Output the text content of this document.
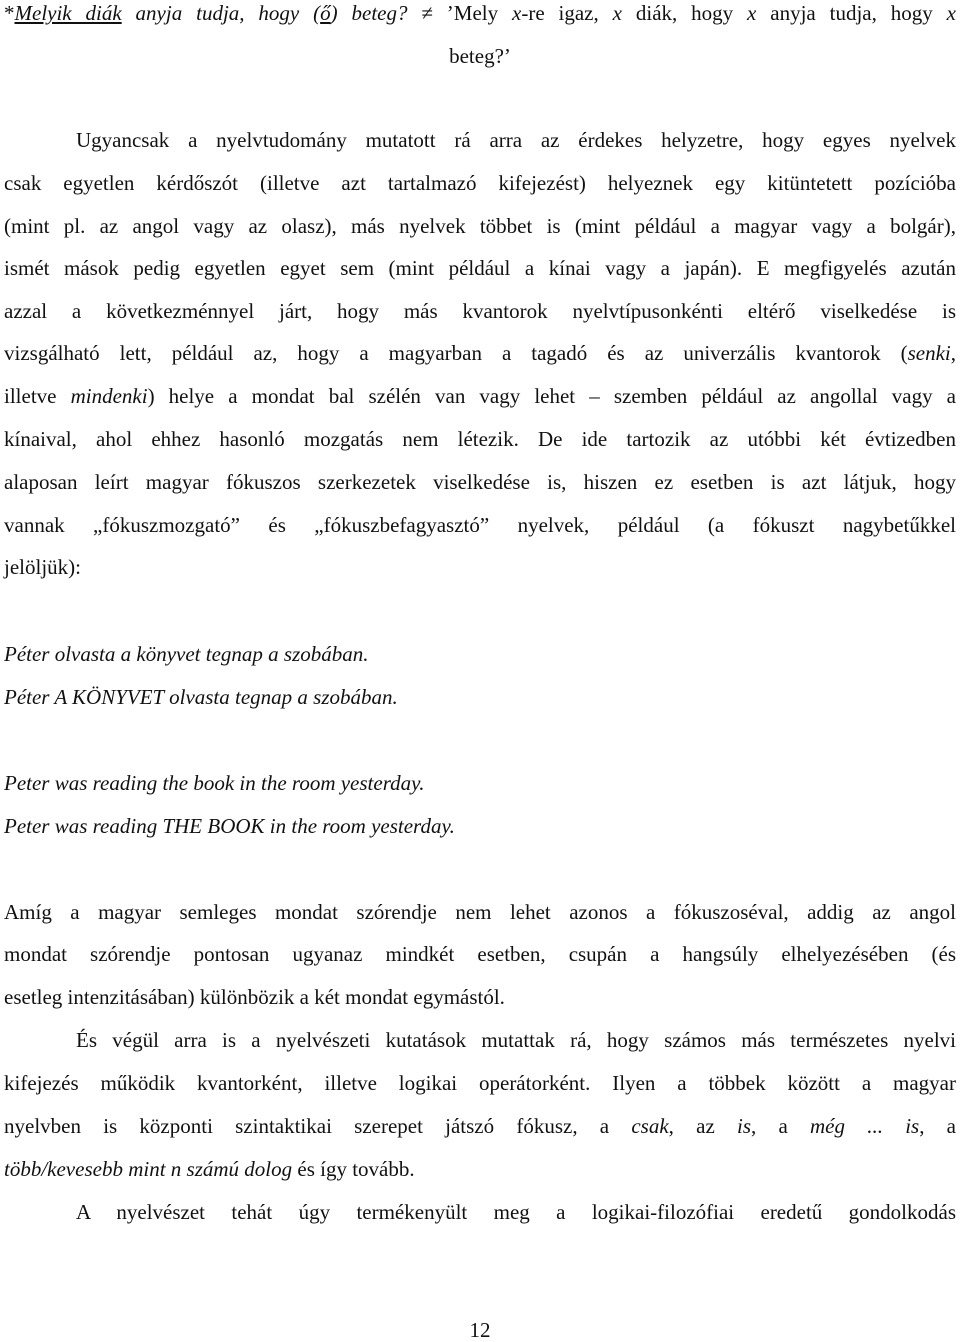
*Melyik diák anyja tudja, hogy (ő) beteg? ≠ ’Mely x-re igaz, x diák, hogy x anyja tudja, hogy x
beteg?’
Ugyancsak a nyelvtudomány mutatott rá arra az érdekes helyzetre, hogy egyes nyelvek
csak egyetlen kérdőszót (illetve azt tartalmazó kifejezést) helyeznek egy kitüntetett pozícióba
(mint pl. az angol vagy az olasz), más nyelvek többet is (mint például a magyar vagy a bolgár),
ismét mások pedig egyetlen egyet sem (mint például a kínai vagy a japán). E megfigyelés azután
azzal a következménnyel járt, hogy más kvantorok nyelvtípusonkénti eltérő viselkedése is
vizsgálható lett, például az, hogy a magyarban a tagadó és az univerzális kvantorok (senki,
illetve mindenki) helye a mondat bal szélén van vagy lehet – szemben például az angollal vagy a
kínaival, ahol ehhez hasonló mozgatás nem létezik. De ide tartozik az utóbbi két évtizedben
alaposan leírt magyar fókuszos szerkezetek viselkedése is, hiszen ez esetben is azt látjuk, hogy
vannak „fókuszmozgató” és „fókuszbefagyasztó” nyelvek, például (a fókuszt nagybetűkkel
jelöljük):
Péter olvasta a könyvet tegnap a szobában.
Péter A KÖNYVET olvasta tegnap a szobában.
Peter was reading the book in the room yesterday.
Peter was reading THE BOOK in the room yesterday.
Amíg a magyar semleges mondat szórendje nem lehet azonos a fókuszoséval, addig az angol
mondat szórendje pontosan ugyanaz mindkét esetben, csupán a hangsúly elhelyezésében (és
esetleg intenzitásában) különbözik a két mondat egymástól.
És végül arra is a nyelvészeti kutatások mutattak rá, hogy számos más természetes nyelvi
kifejezés működik kvantorként, illetve logikai operátorként. Ilyen a többek között a magyar
nyelvben is központi szintaktikai szerepet játszó fókusz, a csak, az is, a még ... is, a
több/kevesebb mint n számú dolog és így tovább.
A nyelvészet tehát úgy termékenyült meg a logikai-filozófiai eredetű gondolkodás
12
